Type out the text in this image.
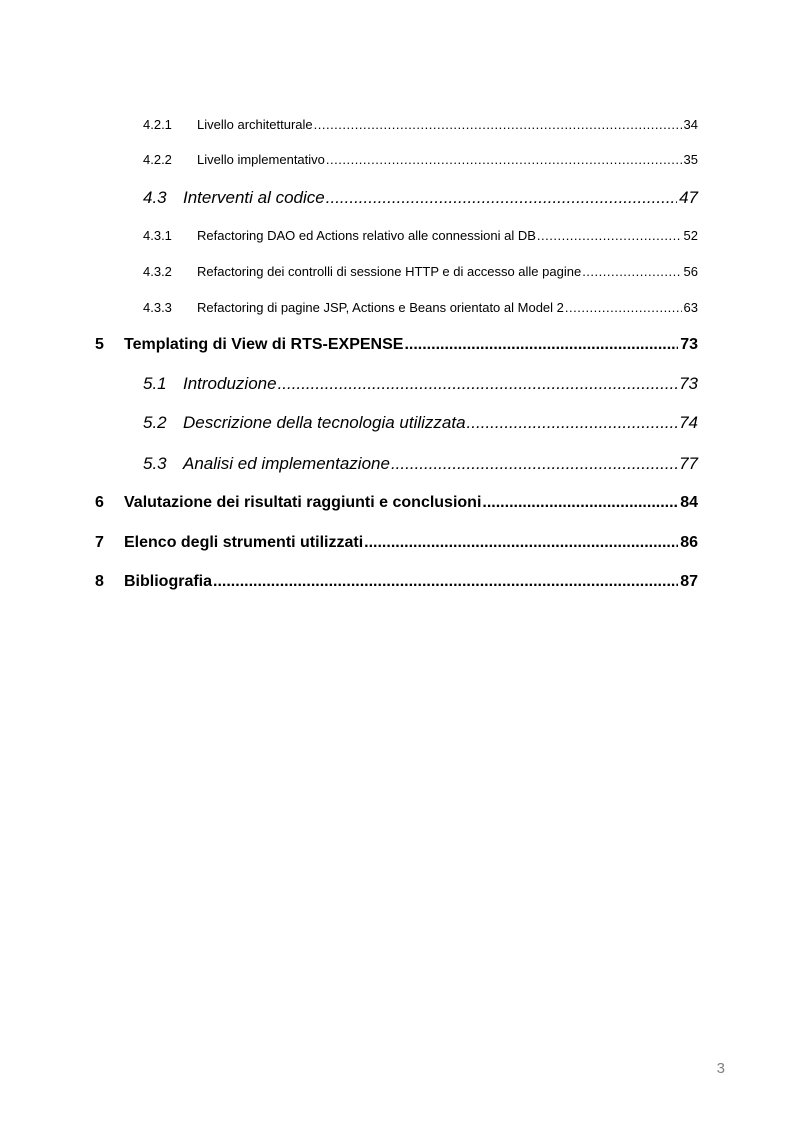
4.2.1 Livello architetturale .....	34
4.2.2 Livello implementativo .....	35
4.3 Interventi al codice .....	47
4.3.1 Refactoring DAO ed Actions relativo alle connessioni al DB .....	52
4.3.2 Refactoring dei controlli di sessione HTTP e di accesso alle pagine .....	56
4.3.3 Refactoring di pagine JSP, Actions e Beans orientato al Model 2 .....	63
5 Templating di View di RTS-EXPENSE .....	73
5.1 Introduzione .....	73
5.2 Descrizione della tecnologia utilizzata .....	74
5.3 Analisi ed implementazione .....	77
6 Valutazione dei risultati raggiunti e conclusioni .....	84
7 Elenco degli strumenti utilizzati .....	86
8 Bibliografia .....	87
3
